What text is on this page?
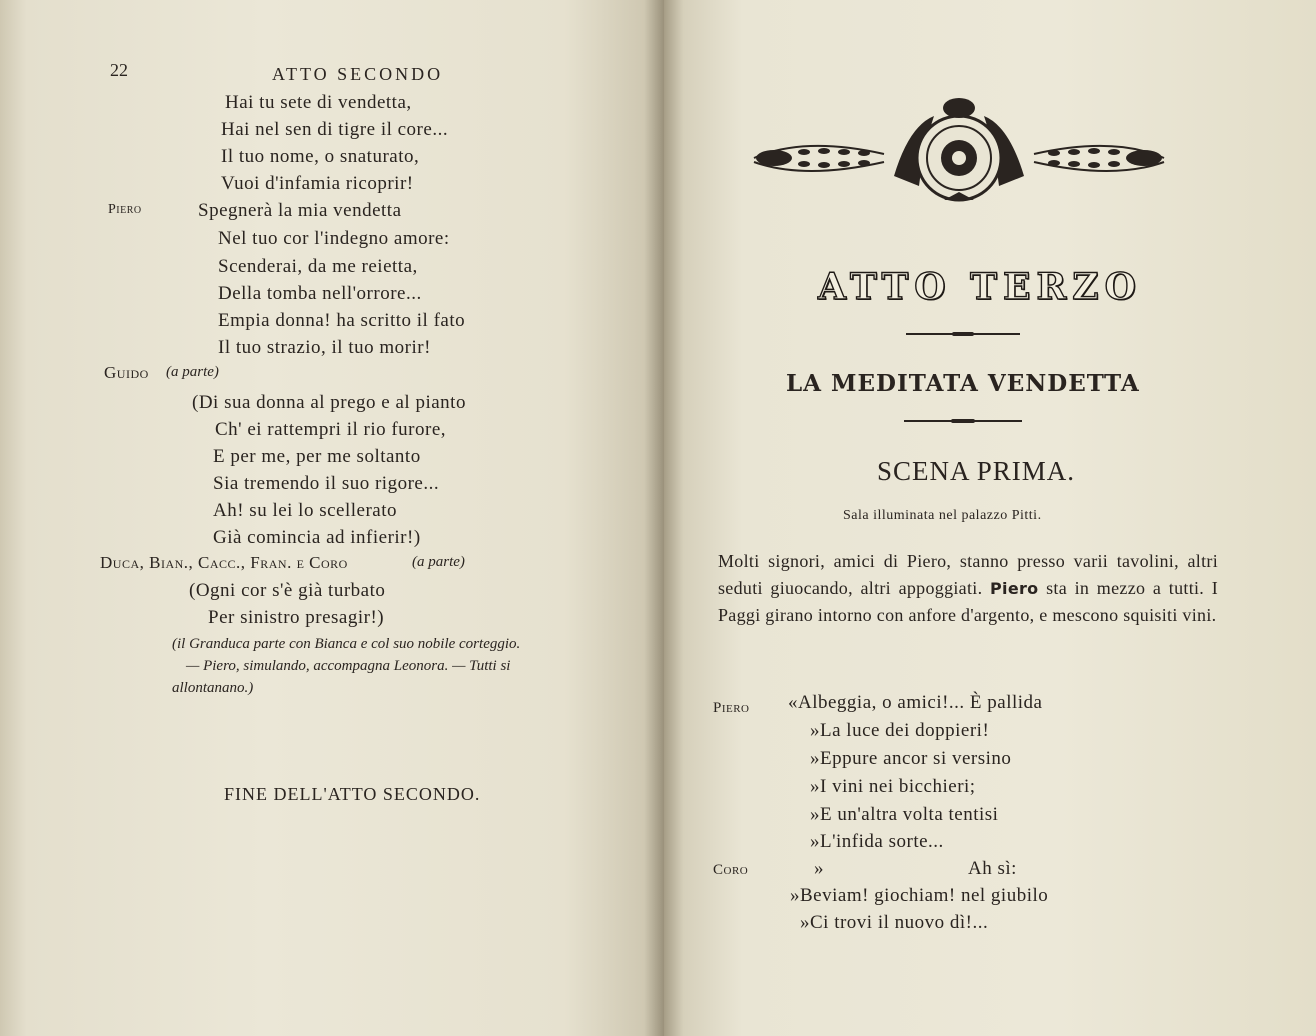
22	ATTO SECONDO
Hai tu sete di vendetta,
Hai nel sen di tigre il core...
Il tuo nome, o snaturato,
Vuoi d'infamia ricoprir!
Piero	Spegnerà la mia vendetta
Nel tuo cor l'indegno amore:
Scenderai, da me reietta,
Della tomba nell'orrore...
Empia donna! ha scritto il fato
Il tuo strazio, il tuo morir!
Guido (a parte)
(Di sua donna al prego e al pianto
Ch' ei rattempri il rio furore,
E per me, per me soltanto
Sia tremendo il suo rigore...
Ah! su lei lo scellerato
Già comincia ad infierir!)
Duca, Bian., Cacc., Fran. e Coro	(a parte)
(Ogni cor s'è già turbato
Per sinistro presagir!)
(il Granduca parte con Bianca e col suo nobile corteggio.
— Piero, simulando, accompagna Leonora. — Tutti si
allontanano.)
FINE DELL'ATTO SECONDO.
ATTO TERZO
LA MEDITATA VENDETTA
SCENA PRIMA.
Sala illuminata nel palazzo Pitti.
Molti signori, amici di Piero, stanno presso varii tavolini, altri seduti giuocando, altri appoggiati. Piero sta in mezzo a tutti. I Paggi girano intorno con anfore d'argento, e mescono squisiti vini.
Piero «Albeggia, o amici!... È pallida
»La luce dei doppieri!
»Eppure ancor si versino
»I vini nei bicchieri;
»E un'altra volta tentisi
»L'infida sorte...
Coro	»	Ah sì:
»Beviam! giochiam! nel giubilo
»Ci trovi il nuovo dì!...
